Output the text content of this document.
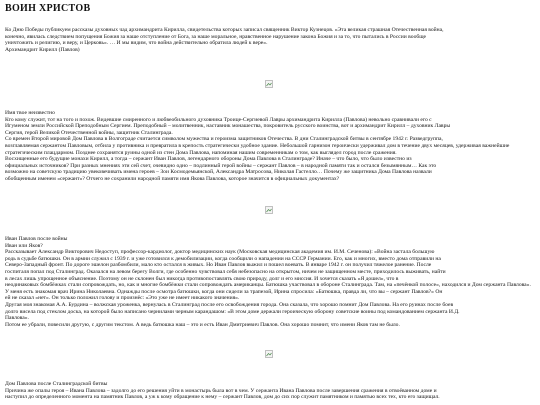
ВОИН ХРИСТОВ

Ко Дню Победы публикуем рассказы духовных чад архимандрита Кирилла, свидетельства которых записал священник Виктор Кузнецов. «Эта великая страшная Отечественная война,
конечно, явилась следствием попущения Божия за наше отступление от Бога, за наше моральное, нравственное нарушение закона Божия и за то, что пытались в России вообще
уничтожить и религию, и веру, и Церковь». … И мы видим, что война действительно обратила людей к вере».
Архимандрит Кирилл (Павлов)

Имя твое неизвестно
Кто кому служит, тот на того и похож. Видевшие смиренного и любвеобильного духовника Троице-Сергиевой Лавры архимандрита Кирилла (Павлова) невольно сравнивали его с
Игуменом земли Российской Преподобным Сергием. Преподобный – молитвенник, наставник монашества, покровитель русского воинства, вот и архимандрит Кирилл – духовник Лавры
Сергия, герой Великой Отечественной войны, защитник Сталинграда.
Со времен Второй мировой Дом Павлова в Волгограде считается символом мужества и героизма защитников Отечества. В дни Сталинградской битвы в сентябре 1942 г. Разведгруппа,
возглавляемая сержантом Павловым, отбила у противника и превратила в крепость стратегически удобное здание. Небольшой гарнизон героически удерживал дом в течение двух месяцев, удерживая важнейшие
стратегическим плацдармом. Позднее сохранятся руины одной из стен Дома Павлова, напоминая нашим современникам о том, как выглядел город после сражения.
Восхищенные его будущие монахи Кирилл, а тогда – сержант Иван Павлов, легендарного обороны Дома Павлова в Сталинграде? Иначе – что было, что было известно из
официальных источников? При разных мнениях эти сей счет, очевидно одно – подлинный герой войны – сержант Павлов – в народной памяти так и остался безымянным… Как это
возможно на советскую традицию увековечивать имена героев – Зои Космодемьянской, Александра Матросова, Николая Гастелло… Почему же защитника Дома Павлова назвали
обобщенным именем «сержант»? Отчего не сохранили народной памяти имя Якова Павлова, которое значится в официальных документах?

Иван Павлов после войны
Иван или Яков?
Рассказывает Александр Викторович Недоступ, профессор-кардиолог, доктор медицинских наук (Московская медицинская академия им. И.М. Сеченова): «Война застала большую
родь в судьбе батюшки. Он в армии служил с 1939 г. и уже готовился к демобилизации, когда сообщили о нападении на СССР Германии. Его, как и многих, вместо дома отправили на
Северо-Западный фронт. По дороге эшелон разбомбили, мало кто остался в живых. Но Иван Павлов выжил и пошел воевать. В январе 1942 г. он получил тяжелое ранение. После
госпиталя попал под Сталинград. Оказался на левом берегу Волги, где особенно чувствовал себя небезопасно на открытом, ничем не защищенном месте, приходилось выживать, найти
в лесах лишь упрощенное объяснение. Поэтому он не склонен был никогда противопоставлять свою природу, долг и его миссия. И хочется сказать «Я дошел», что в
неодинаковых бомбёжках стали сопровождать, но, как и многие бомбёжки стали сопровождать американцы. Батюшка участвовал в обороне Сталинграда. Там, на «печёнкой полосе», находился и Дом сержанта Павлова».
У меня есть знакомая врач Ирина Николаевна. Однажды после осмотра батюшки, когда они сидели за трапезой, Ирина спросила: «Батюшка, правда ли, что вы – сержант Павлов?» Он
ей не сказал «нет». Он только положил голову и произнёс: «Это уже не имеет никакого значения».
Другая моя знакомая А.А. Бурдина – волжская уроженка, вернулась в Сталинград после его освобождения города. Она сказала, что хорошо помнит Дом Павлова. На его руинах после боев
долго висела под стеклом доска, на которой было написано чернилами черным карандашом: «В этом доме держали героическую оборону советские воины под командованием сержанта И.Д.
Павлова».
Потом ее убрали, повесили другую, с другим текстом. А ведь батюшка наш – это и есть Иван Дмитриевич Павлов. Она хорошо помнит, что имени Яков там не было.

Дом Павлова после Сталинградской битвы
Причина же опалы героя – Ивана Павлова – задолго до его решения уйти в монастырь была вот в чем. У сержанта Ивана Павлова после завершения сражения в отвоёванном доме и
наступил до определенного момента на памятник Павлов, а уж к кому обращение к нему – сержант Павлов, дом до сих пор служит памятником и памятью всех тех, кто его защищал.
